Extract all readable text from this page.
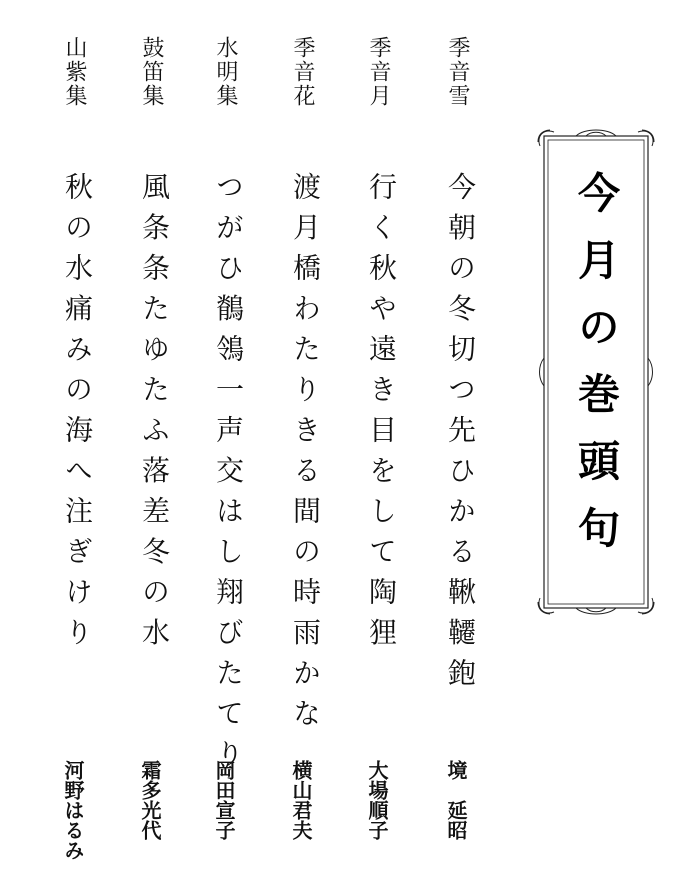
今月の巻頭句
季音雪
今朝の冬切つ先ひかる鞦韆鉋
境　延昭
季音月
行く秋や遠き目をして陶狸
大場順子
季音花
渡月橋わたりきる間の時雨かな
横山君夫
水明集
つがひ鶺鴒一声交はし翔びたてり
岡田宣子
鼓笛集
風条条たゆたふ落差冬の水
霜多光代
山紫集
秋の水痛みの海へ注ぎけり
河野はるみ
